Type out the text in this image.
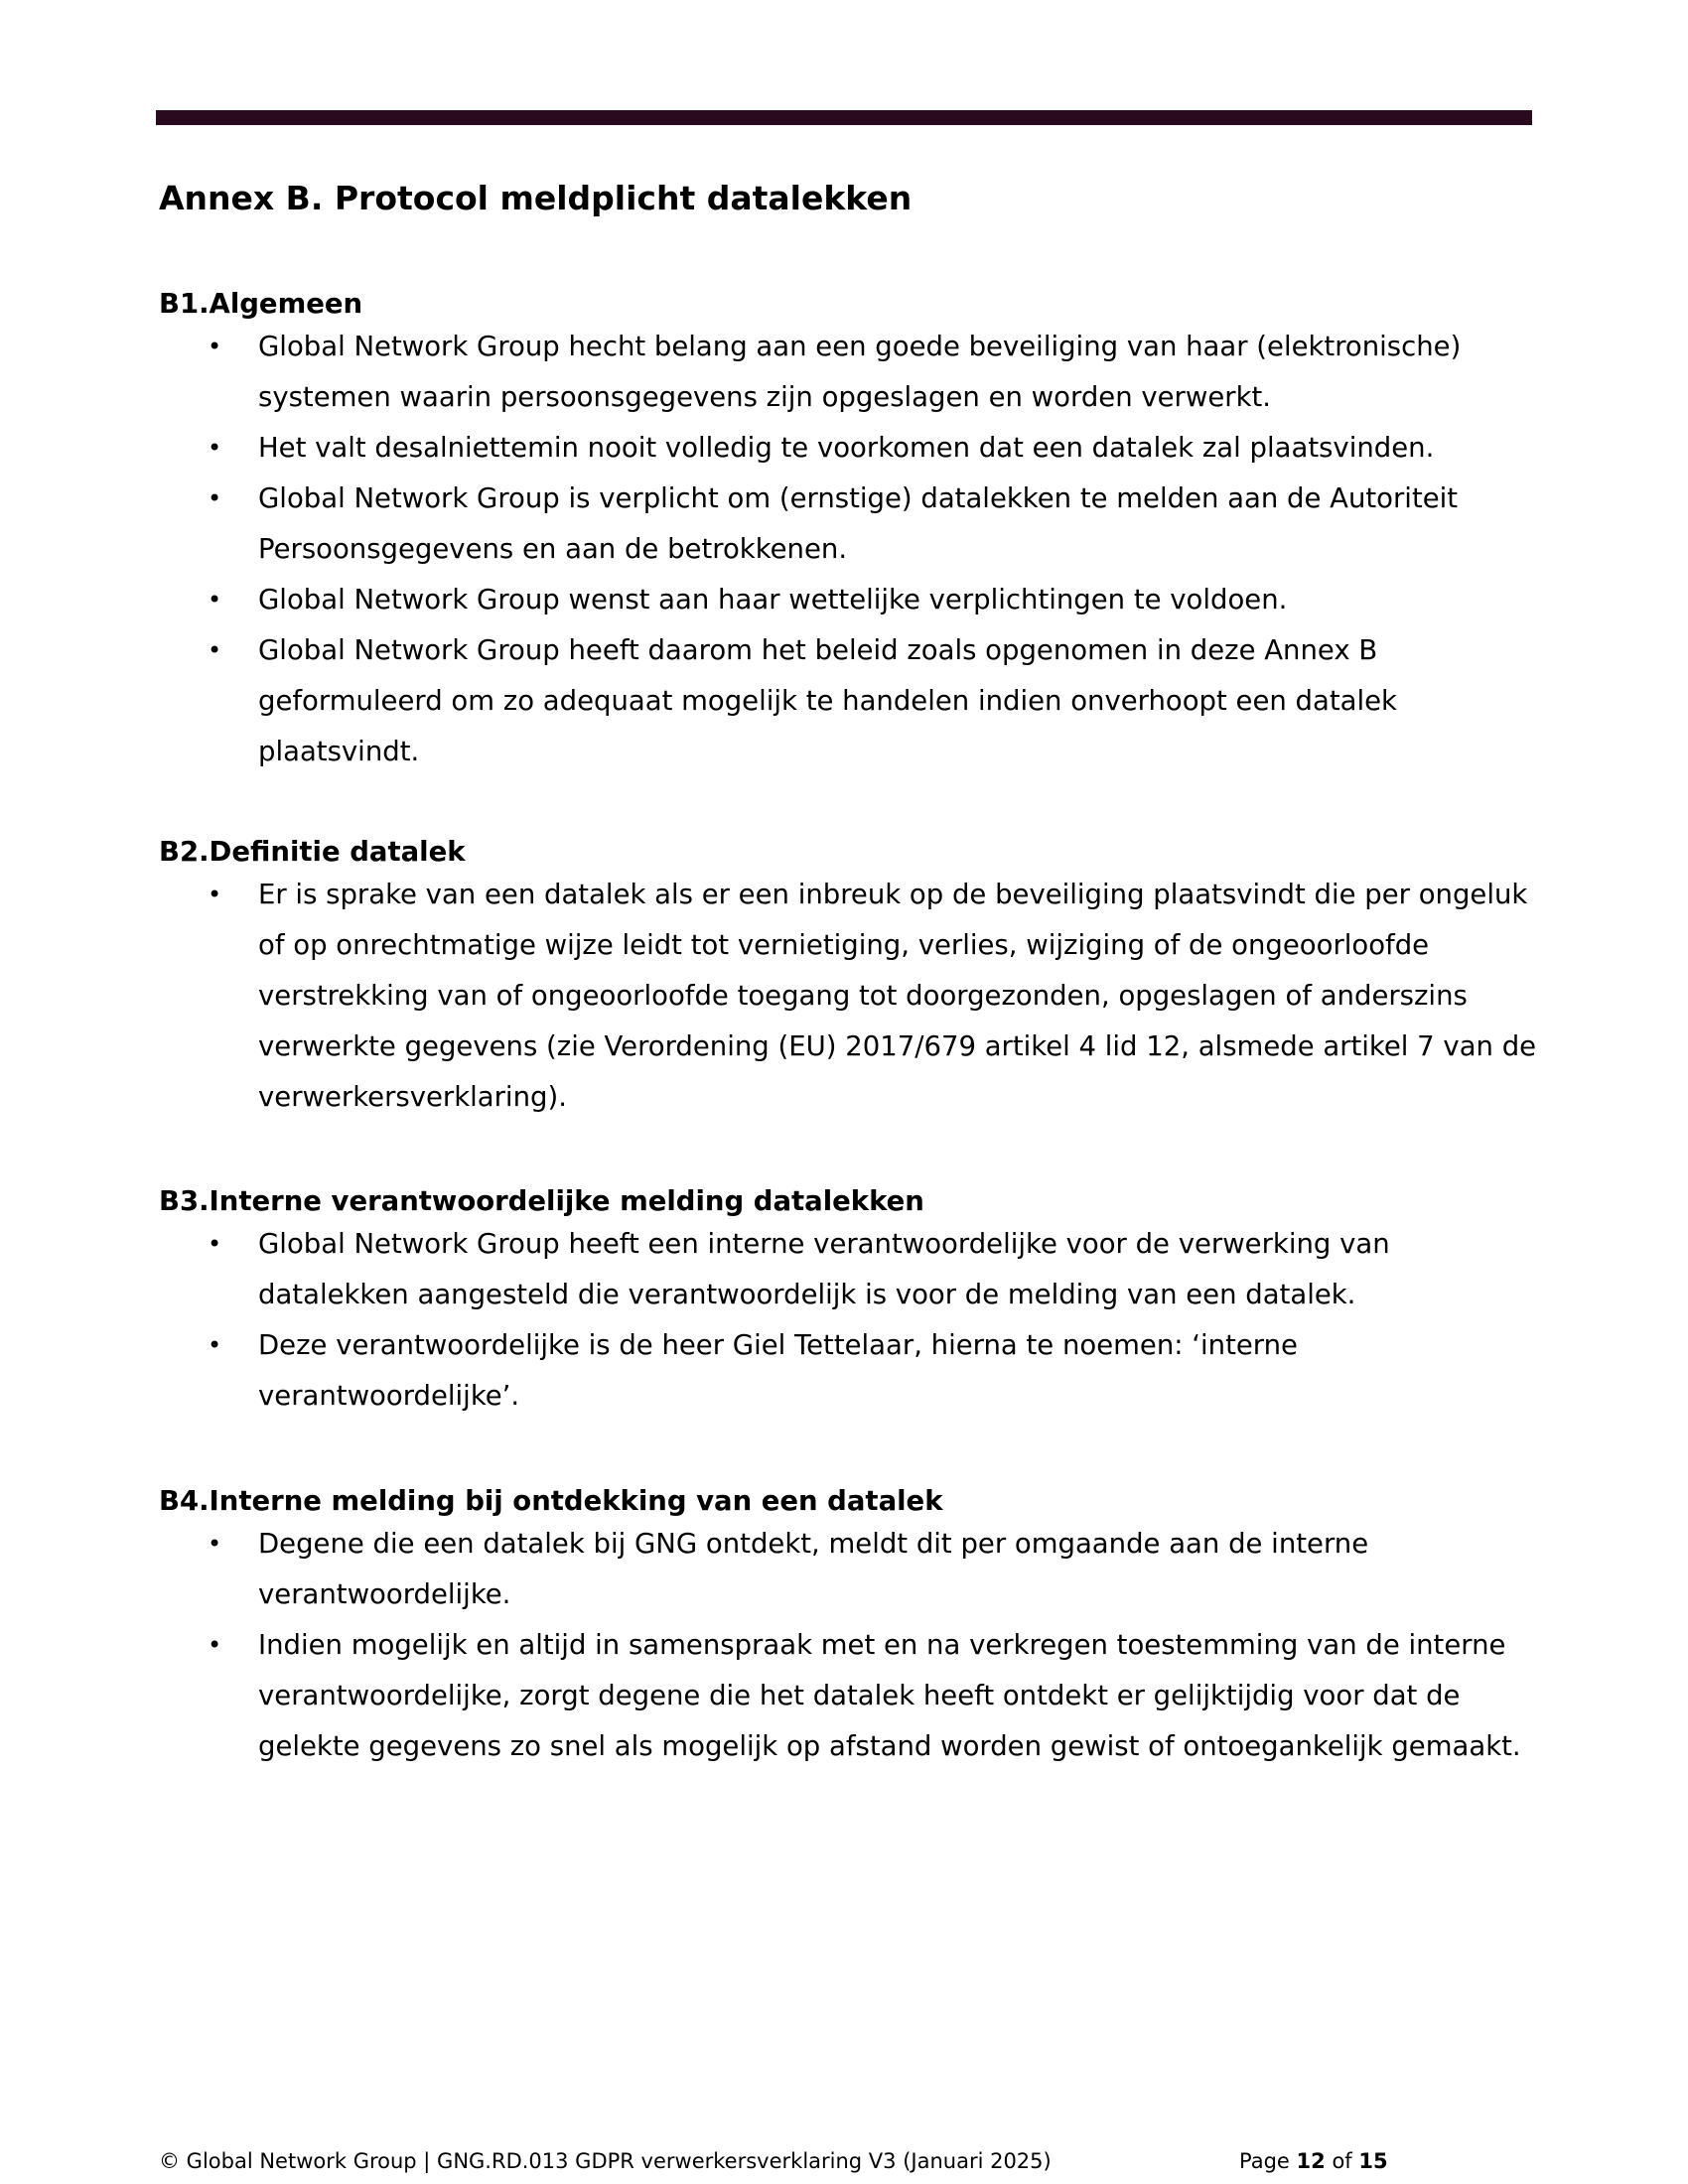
Annex B. Protocol meldplicht datalekken
B1.Algemeen
• Global Network Group hecht belang aan een goede beveiliging van haar (elektronische) systemen waarin persoonsgegevens zijn opgeslagen en worden verwerkt.
• Het valt desalniettemin nooit volledig te voorkomen dat een datalek zal plaatsvinden.
• Global Network Group is verplicht om (ernstige) datalekken te melden aan de Autoriteit Persoonsgegevens en aan de betrokkenen.
• Global Network Group wenst aan haar wettelijke verplichtingen te voldoen.
• Global Network Group heeft daarom het beleid zoals opgenomen in deze Annex B geformuleerd om zo adequaat mogelijk te handelen indien onverhoopt een datalek plaatsvindt.
B2.Definitie datalek
• Er is sprake van een datalek als er een inbreuk op de beveiliging plaatsvindt die per ongeluk of op onrechtmatige wijze leidt tot vernietiging, verlies, wijziging of de ongeoorloofde verstrekking van of ongeoorloofde toegang tot doorgezonden, opgeslagen of anderszins verwerkte gegevens (zie Verordening (EU) 2017/679 artikel 4 lid 12, alsmede artikel 7 van de verwerkersverklaring).
B3.Interne verantwoordelijke melding datalekken
• Global Network Group heeft een interne verantwoordelijke voor de verwerking van datalekken aangesteld die verantwoordelijk is voor de melding van een datalek.
• Deze verantwoordelijke is de heer Giel Tettelaar, hierna te noemen: ‘interne verantwoordelijke’.
B4.Interne melding bij ontdekking van een datalek
• Degene die een datalek bij GNG ontdekt, meldt dit per omgaande aan de interne verantwoordelijke.
• Indien mogelijk en altijd in samenspraak met en na verkregen toestemming van de interne verantwoordelijke, zorgt degene die het datalek heeft ontdekt er gelijktijdig voor dat de gelekte gegevens zo snel als mogelijk op afstand worden gewist of ontoegankelijk gemaakt.
© Global Network Group | GNG.RD.013 GDPR verwerkersverklaring V3 (Januari 2025)	Page 12 of 15
